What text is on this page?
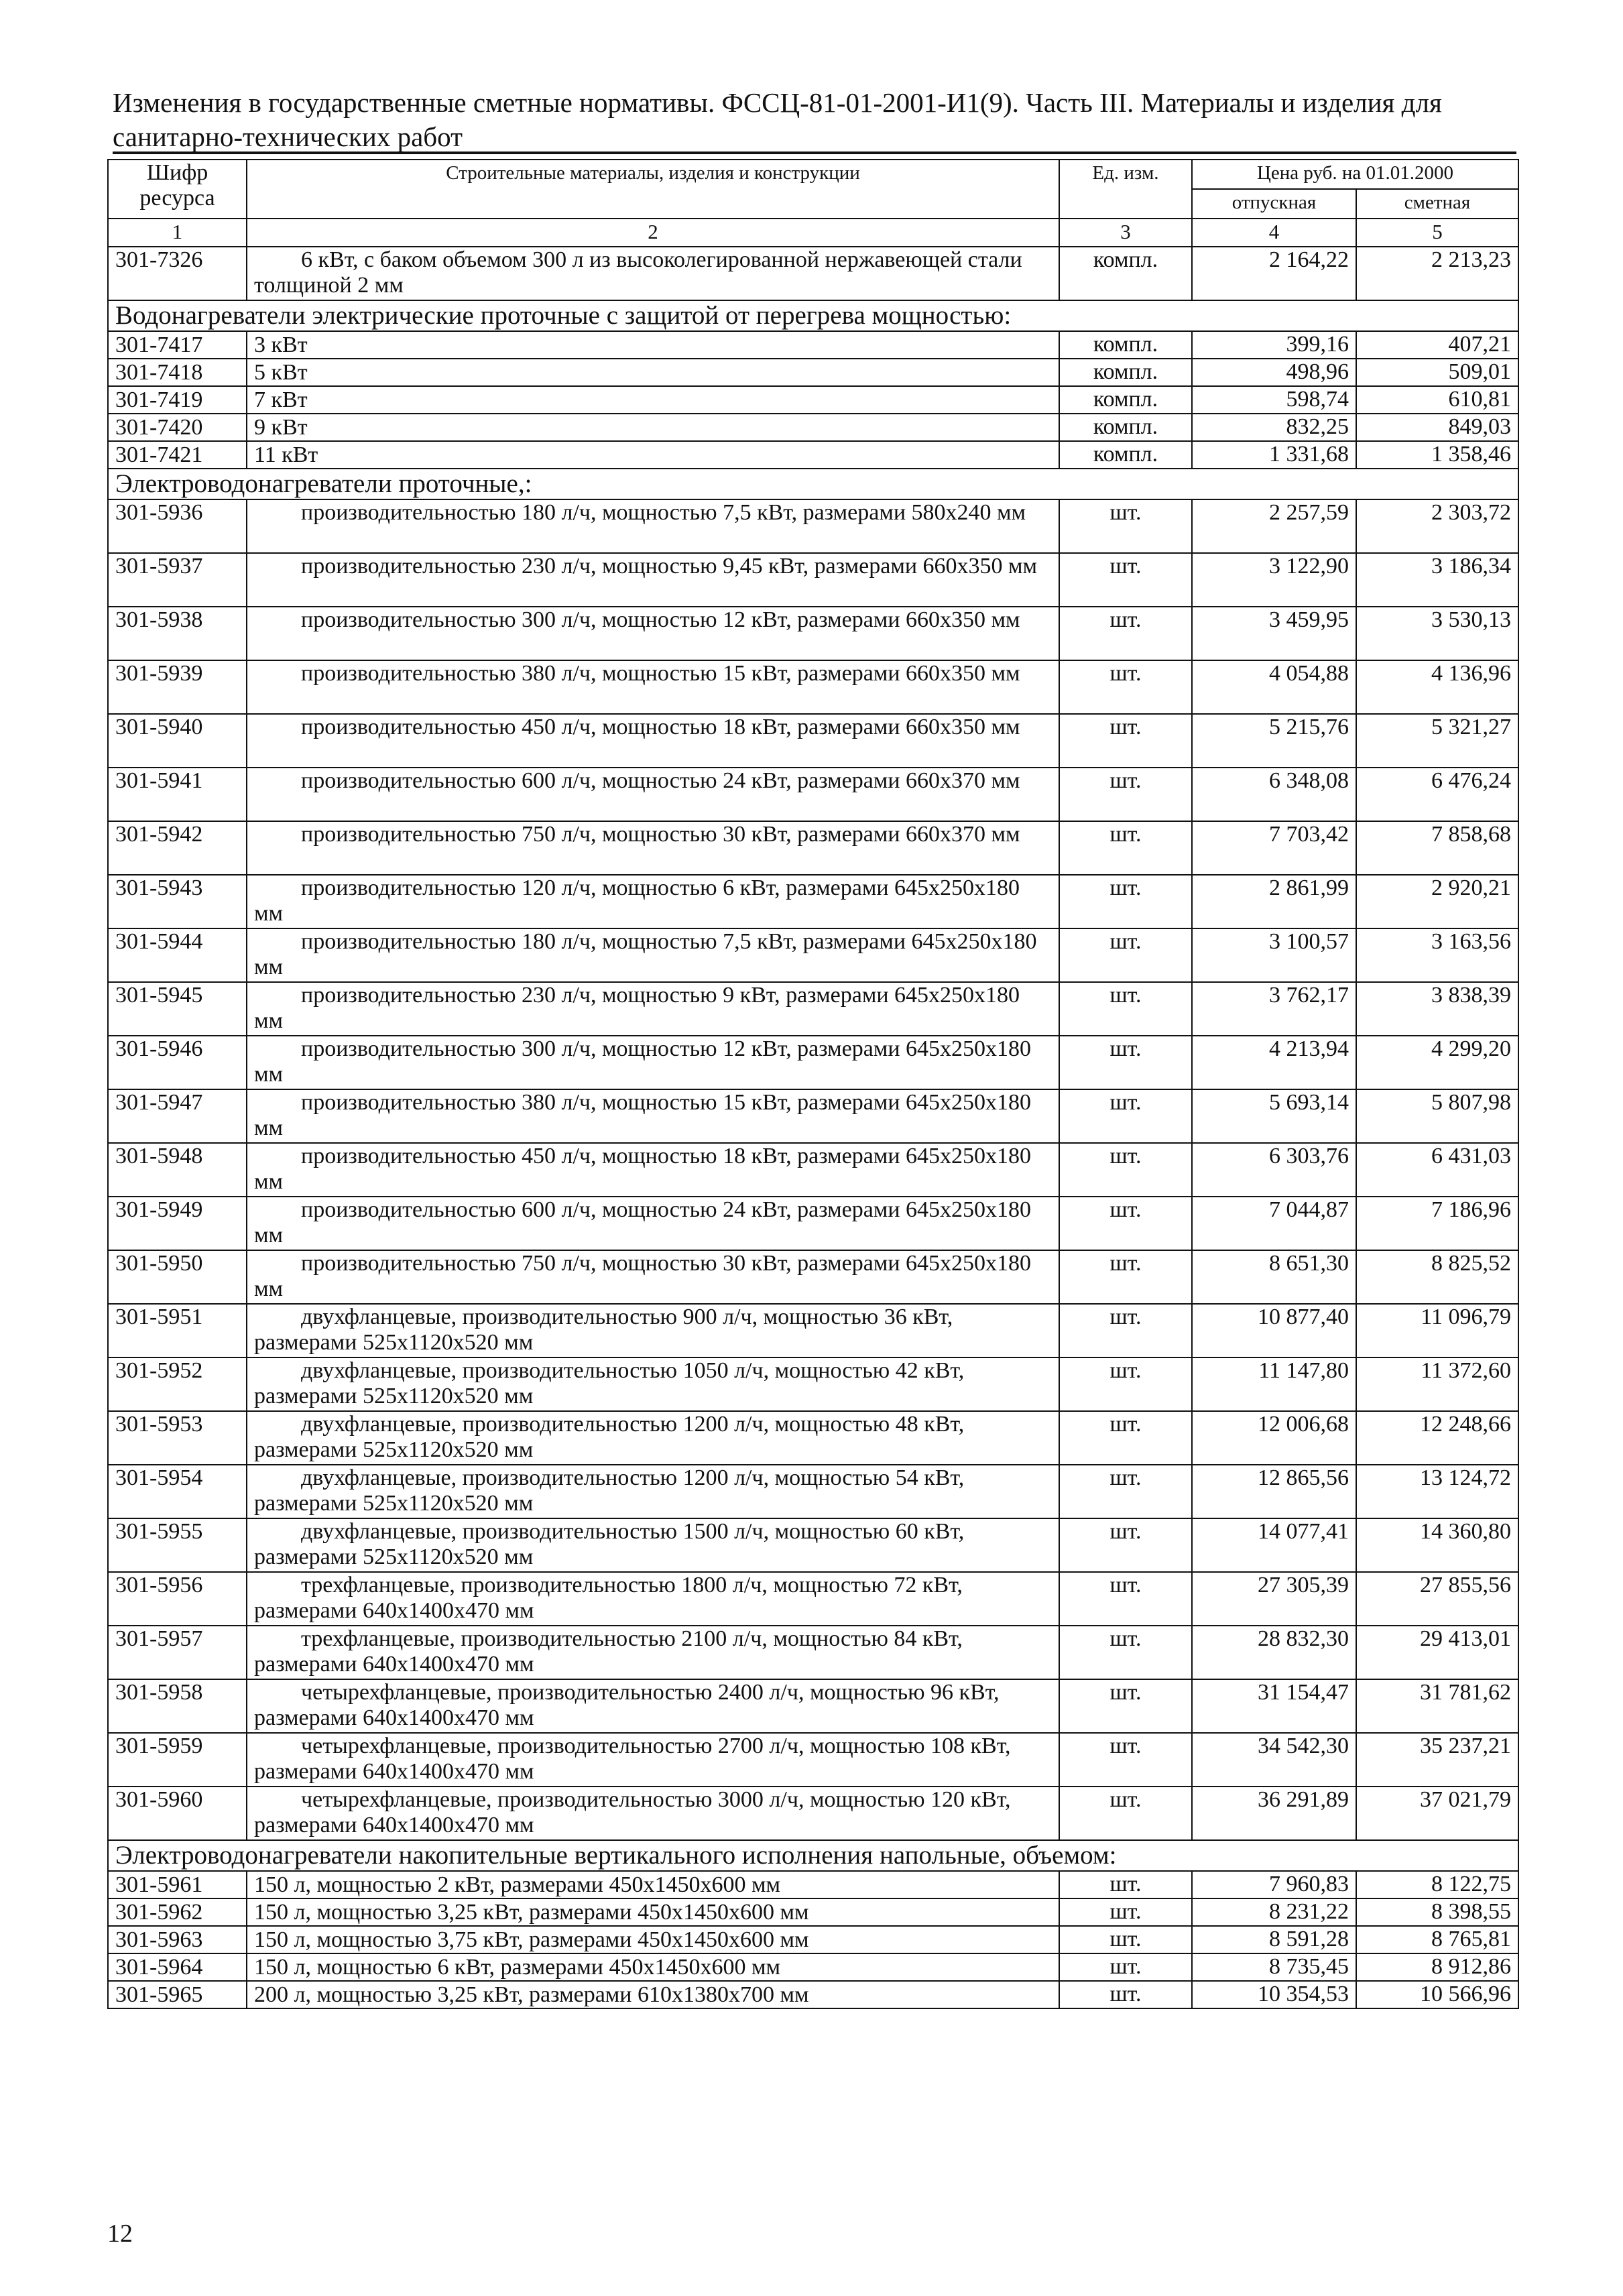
Изменения в государственные сметные нормативы. ФССЦ-81-01-2001-И1(9). Часть III. Материалы и изделия для санитарно-технических работ
Шифр ресурса	Строительные материалы, изделия и конструкции	Ед. изм.	Цена руб. на 01.01.2000	
			отпускная	сметная
1	2	3	4	5
301-7326	6 кВт, с баком объемом 300 л из высоколегированной нержавеющей стали толщиной 2 мм	компл.	2 164,22	2 213,23
Водонагреватели электрические проточные с защитой от перегрева мощностью:				
301-7417	3 кВт	компл.	399,16	407,21
301-7418	5 кВт	компл.	498,96	509,01
301-7419	7 кВт	компл.	598,74	610,81
301-7420	9 кВт	компл.	832,25	849,03
301-7421	11 кВт	компл.	1 331,68	1 358,46
Электроводонагреватели проточные,:				
301-5936	производительностью 180 л/ч, мощностью 7,5 кВт, размерами 580х240 мм	шт.	2 257,59	2 303,72
301-5937	производительностью 230 л/ч, мощностью 9,45 кВт, размерами 660х350 мм	шт.	3 122,90	3 186,34
301-5938	производительностью 300 л/ч, мощностью 12 кВт, размерами 660х350 мм	шт.	3 459,95	3 530,13
301-5939	производительностью 380 л/ч, мощностью 15 кВт, размерами 660х350 мм	шт.	4 054,88	4 136,96
301-5940	производительностью 450 л/ч, мощностью 18 кВт, размерами 660х350 мм	шт.	5 215,76	5 321,27
301-5941	производительностью 600 л/ч, мощностью 24 кВт, размерами 660х370 мм	шт.	6 348,08	6 476,24
301-5942	производительностью 750 л/ч, мощностью 30 кВт, размерами 660х370 мм	шт.	7 703,42	7 858,68
301-5943	производительностью 120 л/ч, мощностью 6 кВт, размерами 645х250х180 мм	шт.	2 861,99	2 920,21
301-5944	производительностью 180 л/ч, мощностью 7,5 кВт, размерами 645х250х180 мм	шт.	3 100,57	3 163,56
301-5945	производительностью 230 л/ч, мощностью 9 кВт, размерами 645х250х180 мм	шт.	3 762,17	3 838,39
301-5946	производительностью 300 л/ч, мощностью 12 кВт, размерами 645х250х180 мм	шт.	4 213,94	4 299,20
301-5947	производительностью 380 л/ч, мощностью 15 кВт, размерами 645х250х180 мм	шт.	5 693,14	5 807,98
301-5948	производительностью 450 л/ч, мощностью 18 кВт, размерами 645х250х180 мм	шт.	6 303,76	6 431,03
301-5949	производительностью 600 л/ч, мощностью 24 кВт, размерами 645х250х180 мм	шт.	7 044,87	7 186,96
301-5950	производительностью 750 л/ч, мощностью 30 кВт, размерами 645х250х180 мм	шт.	8 651,30	8 825,52
301-5951	двухфланцевые, производительностью 900 л/ч, мощностью 36 кВт, размерами 525х1120х520 мм	шт.	10 877,40	11 096,79
301-5952	двухфланцевые, производительностью 1050 л/ч, мощностью 42 кВт, размерами 525х1120х520 мм	шт.	11 147,80	11 372,60
301-5953	двухфланцевые, производительностью 1200 л/ч, мощностью 48 кВт, размерами 525х1120х520 мм	шт.	12 006,68	12 248,66
301-5954	двухфланцевые, производительностью 1200 л/ч, мощностью 54 кВт, размерами 525х1120х520 мм	шт.	12 865,56	13 124,72
301-5955	двухфланцевые, производительностью 1500 л/ч, мощностью 60 кВт, размерами 525х1120х520 мм	шт.	14 077,41	14 360,80
301-5956	трехфланцевые, производительностью 1800 л/ч, мощностью 72 кВт, размерами 640х1400х470 мм	шт.	27 305,39	27 855,56
301-5957	трехфланцевые, производительностью 2100 л/ч, мощностью 84 кВт, размерами 640х1400х470 мм	шт.	28 832,30	29 413,01
301-5958	четырехфланцевые, производительностью 2400 л/ч, мощностью 96 кВт, размерами 640х1400х470 мм	шт.	31 154,47	31 781,62
301-5959	четырехфланцевые, производительностью 2700 л/ч, мощностью 108 кВт, размерами 640х1400х470 мм	шт.	34 542,30	35 237,21
301-5960	четырехфланцевые, производительностью 3000 л/ч, мощностью 120 кВт, размерами 640х1400х470 мм	шт.	36 291,89	37 021,79
Электроводонагреватели накопительные вертикального исполнения напольные, объемом:				
301-5961	150 л, мощностью 2 кВт, размерами 450х1450х600 мм	шт.	7 960,83	8 122,75
301-5962	150 л, мощностью 3,25 кВт, размерами 450х1450х600 мм	шт.	8 231,22	8 398,55
301-5963	150 л, мощностью 3,75 кВт, размерами 450х1450х600 мм	шт.	8 591,28	8 765,81
301-5964	150 л, мощностью 6 кВт, размерами 450х1450х600 мм	шт.	8 735,45	8 912,86
301-5965	200 л, мощностью 3,25 кВт, размерами 610х1380х700 мм	шт.	10 354,53	10 566,96
12
